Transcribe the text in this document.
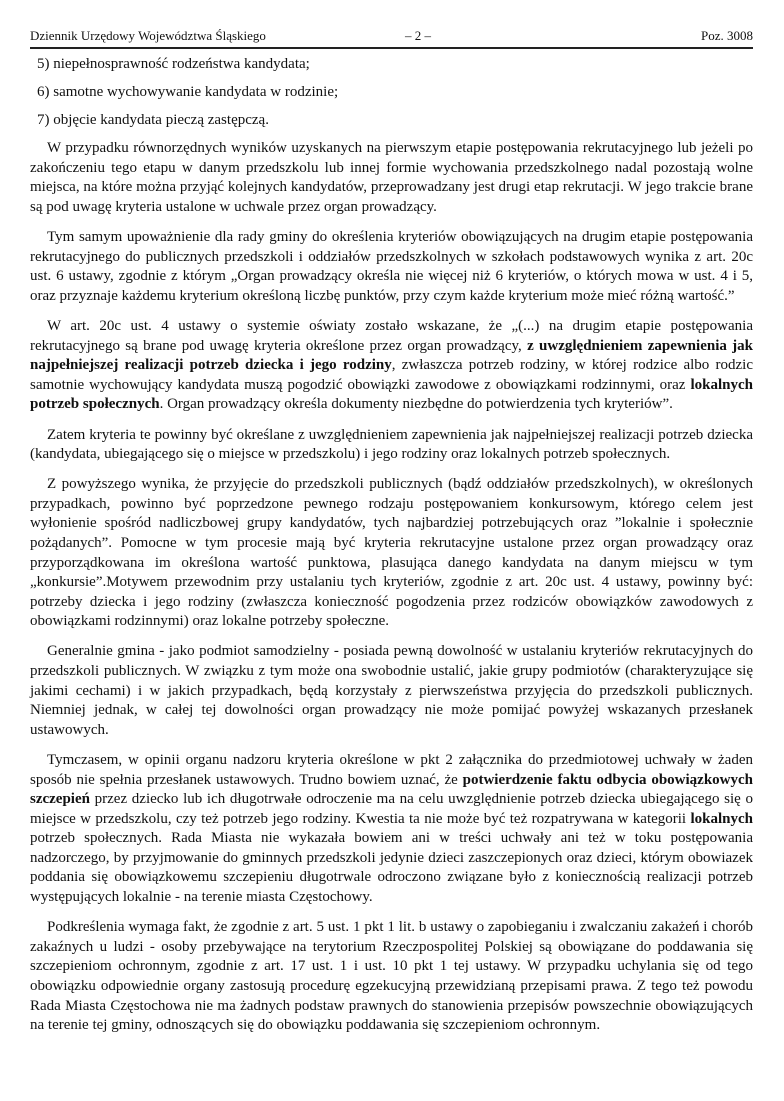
Dziennik Urzędowy Województwa Śląskiego	– 2 –	Poz. 3008
5) niepełnosprawność rodzeństwa kandydata;
6) samotne wychowywanie kandydata w rodzinie;
7) objęcie kandydata pieczą zastępczą.

W przypadku równorzędnych wyników uzyskanych na pierwszym etapie postępowania rekrutacyjnego lub jeżeli po zakończeniu tego etapu w danym przedszkolu lub innej formie wychowania przedszkolnego nadal pozostają wolne miejsca, na które można przyjąć kolejnych kandydatów, przeprowadzany jest drugi etap rekrutacji. W jego trakcie brane są pod uwagę kryteria ustalone w uchwale przez organ prowadzący.

Tym samym upoważnienie dla rady gminy do określenia kryteriów obowiązujących na drugim etapie postępowania rekrutacyjnego do publicznych przedszkoli i oddziałów przedszkolnych w szkołach podstawowych wynika z art. 20c ust. 6 ustawy, zgodnie z którym „Organ prowadzący określa nie więcej niż 6 kryteriów, o których mowa w ust. 4 i 5, oraz przyznaje każdemu kryterium określoną liczbę punktów, przy czym każde kryterium może mieć różną wartość.”

W art. 20c ust. 4 ustawy o systemie oświaty zostało wskazane, że „(...) na drugim etapie postępowania rekrutacyjnego są brane pod uwagę kryteria określone przez organ prowadzący, z uwzględnieniem zapewnienia jak najpełniejszej realizacji potrzeb dziecka i jego rodziny, zwłaszcza potrzeb rodziny, w której rodzice albo rodzic samotnie wychowujący kandydata muszą pogodzić obowiązki zawodowe z obowiązkami rodzinnymi, oraz lokalnych potrzeb społecznych. Organ prowadzący określa dokumenty niezbędne do potwierdzenia tych kryteriów”.

Zatem kryteria te powinny być określane z uwzględnieniem zapewnienia jak najpełniejszej realizacji potrzeb dziecka (kandydata, ubiegającego się o miejsce w przedszkolu) i jego rodziny oraz lokalnych potrzeb społecznych.

Z powyższego wynika, że przyjęcie do przedszkoli publicznych (bądź oddziałów przedszkolnych), w określonych przypadkach, powinno być poprzedzone pewnego rodzaju postępowaniem konkursowym, którego celem jest wyłonienie spośród nadliczbowej grupy kandydatów, tych najbardziej potrzebujących oraz ”lokalnie i społecznie pożądanych”. Pomocne w tym procesie mają być kryteria rekrutacyjne ustalone przez organ prowadzący oraz przyporządkowana im określona wartość punktowa, plasująca danego kandydata na danym miejscu w tym „konkursie”.Motywem przewodnim przy ustalaniu tych kryteriów, zgodnie z art. 20c ust. 4 ustawy, powinny być: potrzeby dziecka i jego rodziny (zwłaszcza konieczność pogodzenia przez rodziców obowiązków zawodowych z obowiązkami rodzinnymi) oraz lokalne potrzeby społeczne.

Generalnie gmina - jako podmiot samodzielny - posiada pewną dowolność w ustalaniu kryteriów rekrutacyjnych do przedszkoli publicznych. W związku z tym może ona swobodnie ustalić, jakie grupy podmiotów (charakteryzujące się jakimi cechami) i w jakich przypadkach, będą korzystały z pierwszeństwa przyjęcia do przedszkoli publicznych. Niemniej jednak, w całej tej dowolności organ prowadzący nie może pomijać powyżej wskazanych przesłanek ustawowych.

Tymczasem, w opinii organu nadzoru kryteria określone w pkt 2 załącznika do przedmiotowej uchwały w żaden sposób nie spełnia przesłanek ustawowych. Trudno bowiem uznać, że potwierdzenie faktu odbycia obowiązkowych szczepień przez dziecko lub ich długotrwałe odroczenie ma na celu uwzględnienie potrzeb dziecka ubiegającego się o miejsce w przedszkolu, czy też potrzeb jego rodziny. Kwestia ta nie może być też rozpatrywana w kategorii lokalnych potrzeb społecznych. Rada Miasta nie wykazała bowiem ani w treści uchwały ani też w toku postępowania nadzorczego, by przyjmowanie do gminnych przedszkoli jedynie dzieci zaszczepionych oraz dzieci, którym obowiazek poddania się obowiązkowemu szczepieniu długotrwale odroczono związane było z koniecznością realizacji potrzeb występujących lokalnie - na terenie miasta Częstochowy.

Podkreślenia wymaga fakt, że zgodnie z art. 5 ust. 1 pkt 1 lit. b ustawy o zapobieganiu i zwalczaniu zakażeń i chorób zakaźnych u ludzi - osoby przebywające na terytorium Rzeczpospolitej Polskiej są obowiązane do poddawania się szczepieniom ochronnym, zgodnie z art. 17 ust. 1 i ust. 10 pkt 1 tej ustawy. W przypadku uchylania się od tego obowiązku odpowiednie organy zastosują procedurę egzekucyjną przewidzianą przepisami prawa. Z tego też powodu Rada Miasta Częstochowa nie ma żadnych podstaw prawnych do stanowienia przepisów powszechnie obowiązujących na terenie tej gminy, odnoszących się do obowiązku poddawania się szczepieniom ochronnym.
